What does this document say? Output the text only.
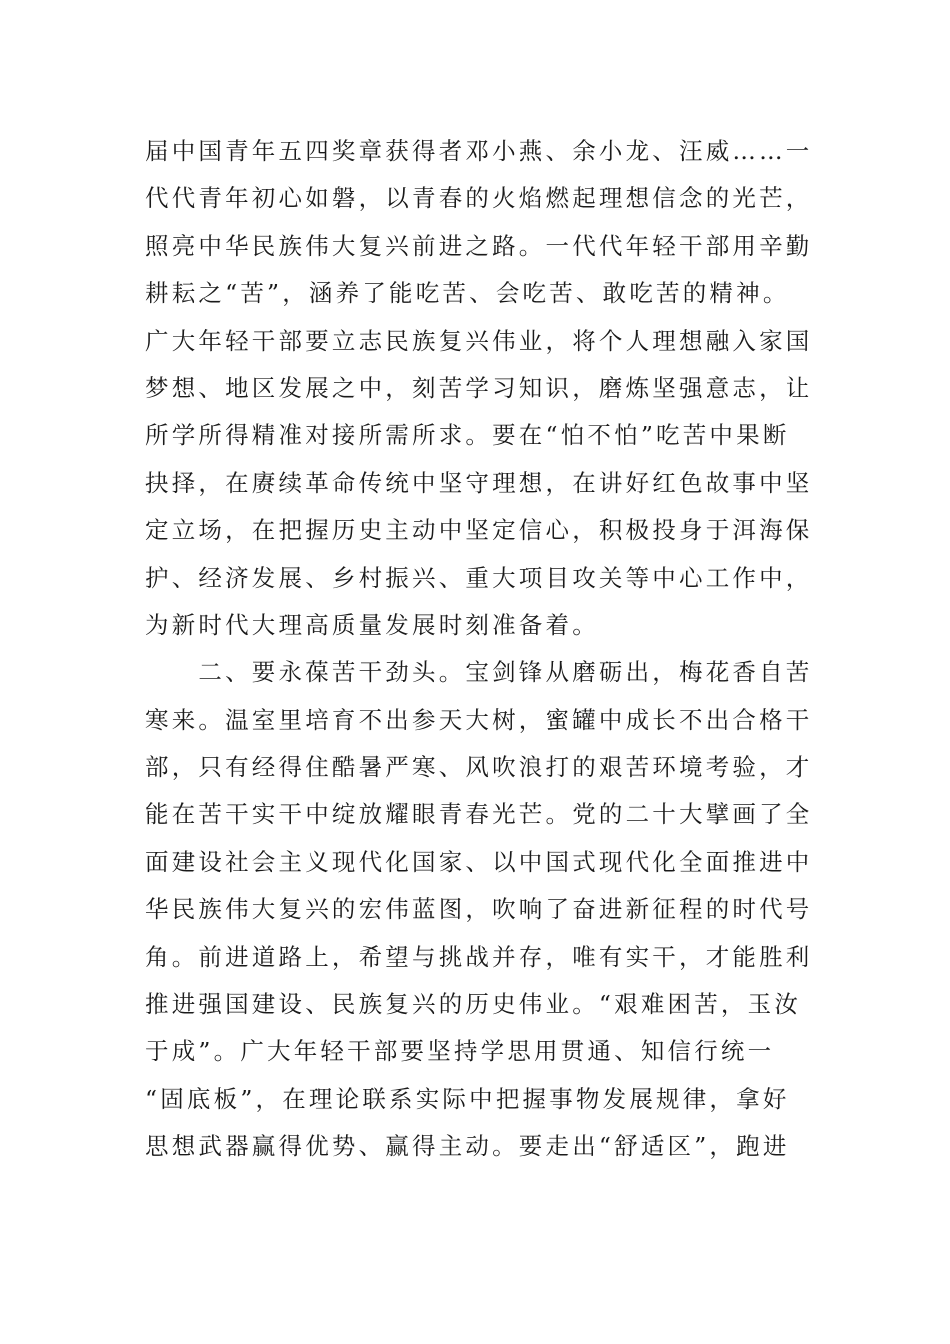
届中国青年五四奖章获得者邓小燕、余小龙、汪威……一
代代青年初心如磐，以青春的火焰燃起理想信念的光芒，
照亮中华民族伟大复兴前进之路。一代代年轻干部用辛勤
耕耘之“苦”，涵养了能吃苦、会吃苦、敢吃苦的精神。
广大年轻干部要立志民族复兴伟业，将个人理想融入家国
梦想、地区发展之中，刻苦学习知识，磨炼坚强意志，让
所学所得精准对接所需所求。要在“怕不怕”吃苦中果断
抉择，在赓续革命传统中坚守理想，在讲好红色故事中坚
定立场，在把握历史主动中坚定信心，积极投身于洱海保
护、经济发展、乡村振兴、重大项目攻关等中心工作中，
为新时代大理高质量发展时刻准备着。
　　二、要永葆苦干劲头。宝剑锋从磨砺出，梅花香自苦
寒来。温室里培育不出参天大树，蜜罐中成长不出合格干
部，只有经得住酷暑严寒、风吹浪打的艰苦环境考验，才
能在苦干实干中绽放耀眼青春光芒。党的二十大擘画了全
面建设社会主义现代化国家、以中国式现代化全面推进中
华民族伟大复兴的宏伟蓝图，吹响了奋进新征程的时代号
角。前进道路上，希望与挑战并存，唯有实干，才能胜利
推进强国建设、民族复兴的历史伟业。“艰难困苦，玉汝
于成”。广大年轻干部要坚持学思用贯通、知信行统一
“固底板”，在理论联系实际中把握事物发展规律，拿好
思想武器赢得优势、赢得主动。要走出“舒适区”，跑进
